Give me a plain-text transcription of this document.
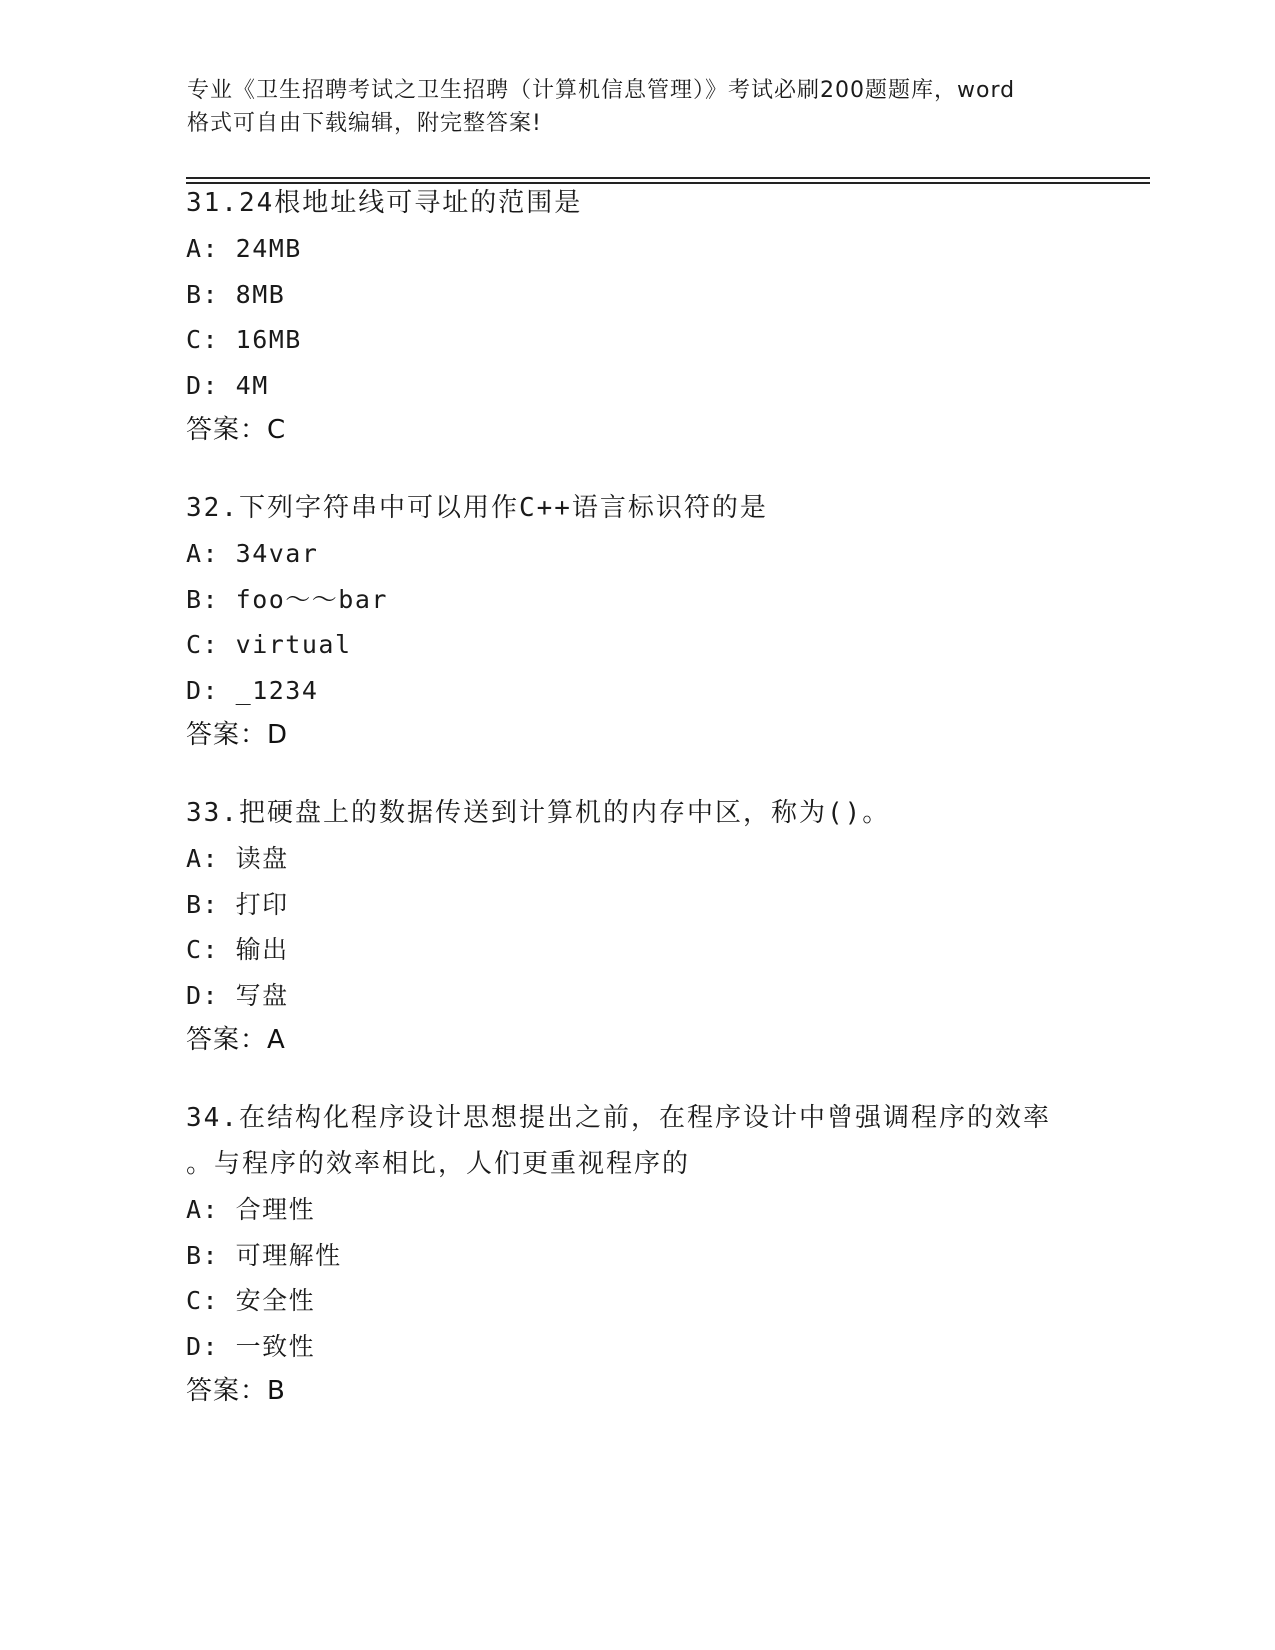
专业《卫生招聘考试之卫生招聘（计算机信息管理）》考试必刷200题题库，word
格式可自由下载编辑，附完整答案!
31.24根地址线可寻址的范围是
A: 24MB
B: 8MB
C: 16MB
D: 4M
答案：C
32.下列字符串中可以用作C++语言标识符的是
A: 34var
B: foo～～bar
C: virtual
D: _1234
答案：D
33.把硬盘上的数据传送到计算机的内存中区，称为()。
A: 读盘
B: 打印
C: 输出
D: 写盘
答案：A
34.在结构化程序设计思想提出之前，在程序设计中曾强调程序的效率
。与程序的效率相比，人们更重视程序的
A: 合理性
B: 可理解性
C: 安全性
D: 一致性
答案：B
